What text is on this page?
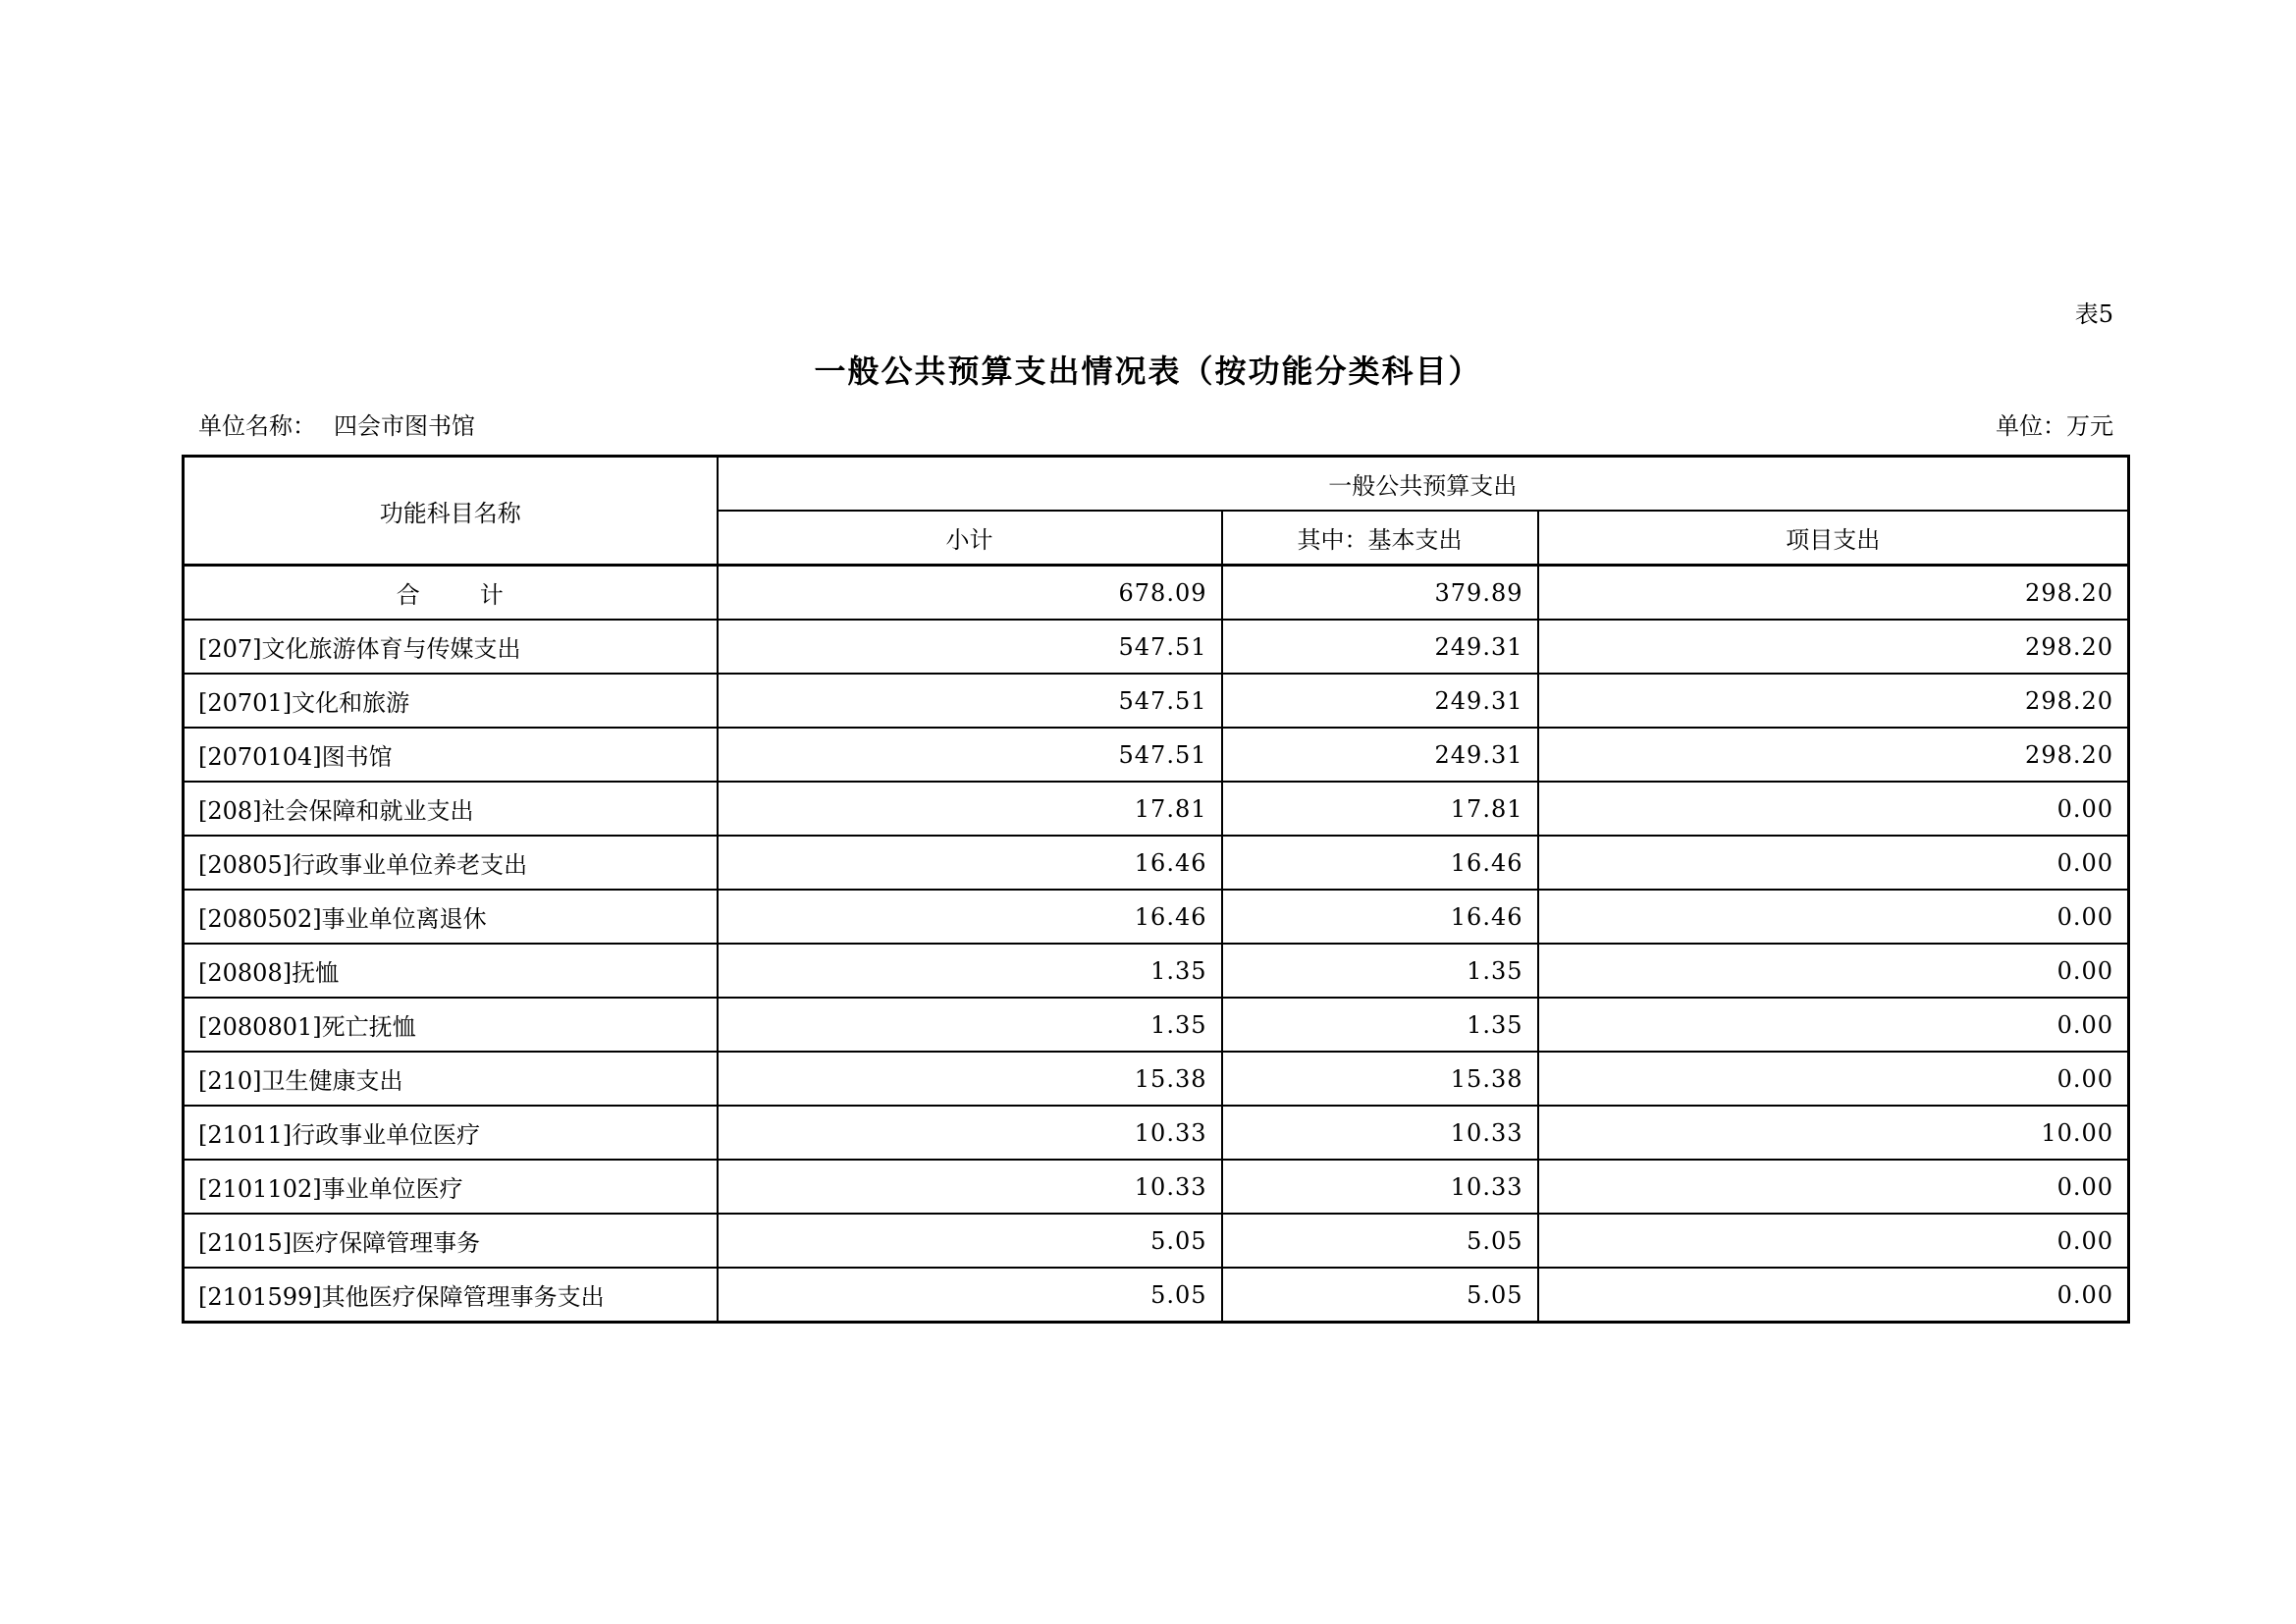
表5
一般公共预算支出情况表（按功能分类科目）
单位名称： 四会市图书馆	单位：万元
功能科目名称	一般公共预算支出		
	小计	其中：基本支出	项目支出
合 计	678.09	379.89	298.20
[207]文化旅游体育与传媒支出	547.51	249.31	298.20
[20701]文化和旅游	547.51	249.31	298.20
[2070104]图书馆	547.51	249.31	298.20
[208]社会保障和就业支出	17.81	17.81	0.00
[20805]行政事业单位养老支出	16.46	16.46	0.00
[2080502]事业单位离退休	16.46	16.46	0.00
[20808]抚恤	1.35	1.35	0.00
[2080801]死亡抚恤	1.35	1.35	0.00
[210]卫生健康支出	15.38	15.38	0.00
[21011]行政事业单位医疗	10.33	10.33	10.00
[2101102]事业单位医疗	10.33	10.33	0.00
[21015]医疗保障管理事务	5.05	5.05	0.00
[2101599]其他医疗保障管理事务支出	5.05	5.05	0.00
